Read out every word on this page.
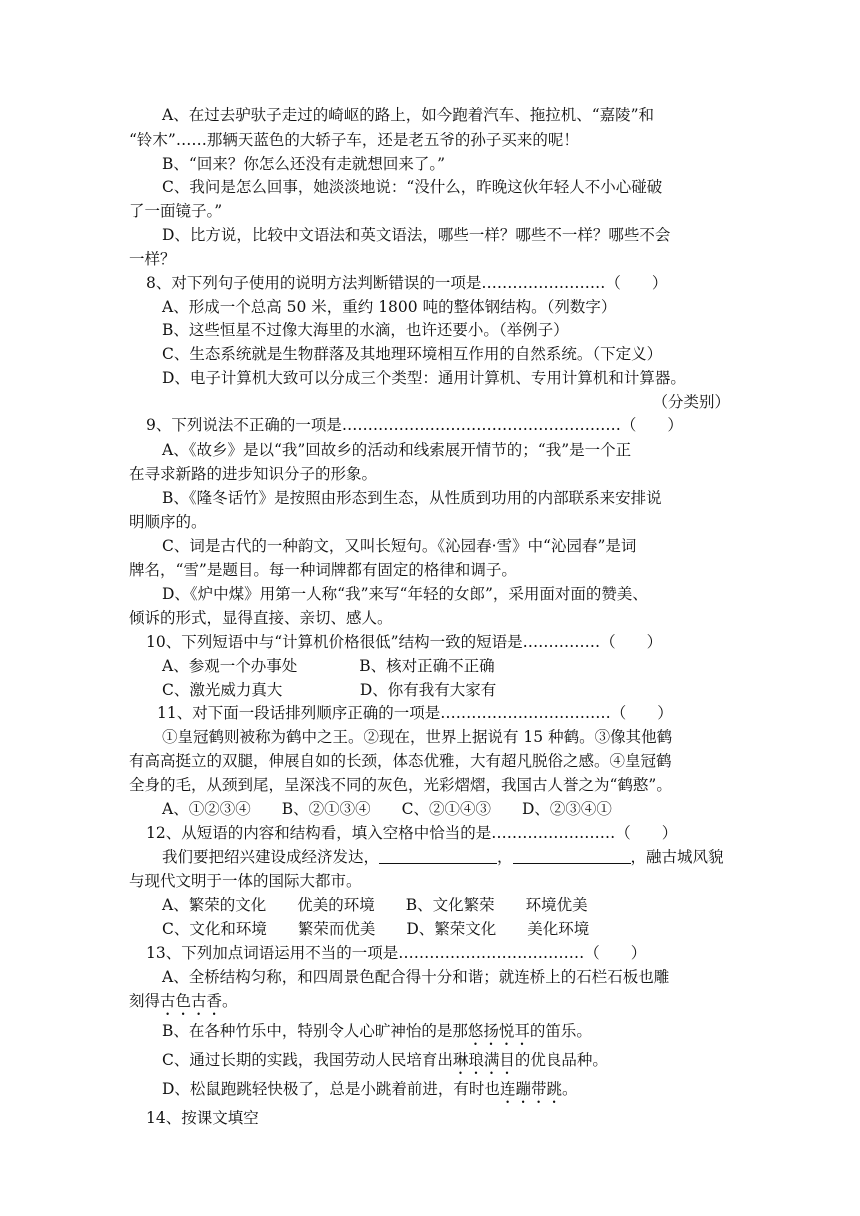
A、在过去驴驮子走过的崎岖的路上，如今跑着汽车、拖拉机、“嘉陵”和
“铃木”……那辆天蓝色的大轿子车，还是老五爷的孙子买来的呢！
B、“回来？你怎么还没有走就想回来了。”
C、我问是怎么回事，她淡淡地说：“没什么，昨晚这伙年轻人不小心碰破
了一面镜子。”
D、比方说，比较中文语法和英文语法，哪些一样？哪些不一样？哪些不会
一样？
8、对下列句子使用的说明方法判断错误的一项是……………………（　　）
A、形成一个总高 50 米，重约 1800 吨的整体钢结构。（列数字）
B、这些恒星不过像大海里的水滴，也许还要小。（举例子）
C、生态系统就是生物群落及其地理环境相互作用的自然系统。（下定义）
D、电子计算机大致可以分成三个类型：通用计算机、专用计算机和计算器。
（分类别）
9、下列说法不正确的一项是………………………………………………（　　）
A、《故乡》是以“我”回故乡的活动和线索展开情节的；“我”是一个正
在寻求新路的进步知识分子的形象。
B、《隆冬话竹》是按照由形态到生态，从性质到功用的内部联系来安排说
明顺序的。
C、词是古代的一种韵文，又叫长短句。《沁园春·雪》中“沁园春”是词
牌名，“雪”是题目。每一种词牌都有固定的格律和调子。
D、《炉中煤》用第一人称“我”来写“年轻的女郎”，采用面对面的赞美、
倾诉的形式，显得直接、亲切、感人。
10、下列短语中与“计算机价格很低”结构一致的短语是……………（　　）
A、参观一个办事处　　　　B、核对正确不正确
C、激光威力真大　　　　　D、你有我有大家有
11、对下面一段话排列顺序正确的一项是……………………………（　　）
①皇冠鹤则被称为鹤中之王。②现在，世界上据说有 15 种鹤。③像其他鹤
有高高挺立的双腿，伸展自如的长颈，体态优雅，大有超凡脱俗之感。④皇冠鹤
全身的毛，从颈到尾，呈深浅不同的灰色，光彩熠熠，我国古人誉之为“鹤憨”。
A、①②③④　　B、②①③④　　C、②①④③　　D、②③④①
12、从短语的内容和结构看，填入空格中恰当的是……………………（　　）
我们要把绍兴建设成经济发达，	，	，融古城风貌
与现代文明于一体的国际大都市。
A、繁荣的文化　　优美的环境　　B、文化繁荣　　环境优美
C、文化和环境　　繁荣而优美　　D、繁荣文化　　美化环境
13、下列加点词语运用不当的一项是………………………………（　　）
A、全桥结构匀称，和四周景色配合得十分和谐；就连桥上的石栏石板也雕
刻得古色古香。
B、在各种竹乐中，特别令人心旷神怡的是那悠扬悦耳的笛乐。
C、通过长期的实践，我国劳动人民培育出琳琅满目的优良品种。
D、松鼠跑跳轻快极了，总是小跳着前进，有时也连蹦带跳。
14、按课文填空
